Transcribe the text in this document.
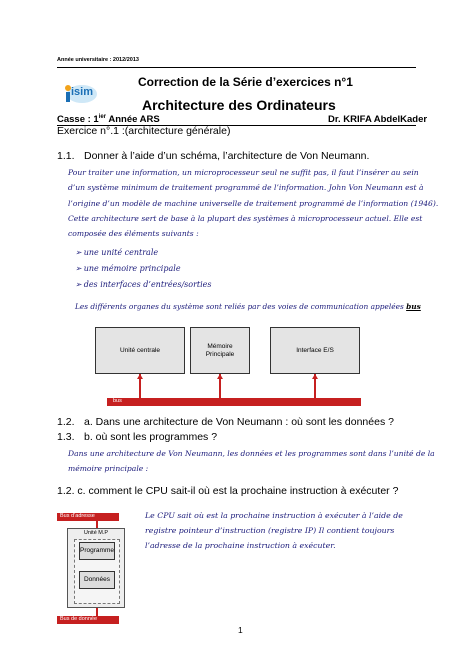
Année universitaire : 2012/2013
isim
Correction de la Série d’exercices n°1
Architecture des Ordinateurs
Casse : $1^{ier}$ Année ARS	Dr. KRIFA AbdelKader
Exercice n°.1 :(architecture générale)
1.1. Donner à l’aide d’un schéma, l’architecture de Von Neumann.
Pour traiter une information, un microprocesseur seul ne suffit pas, il faut l’insérer au sein
d’un système minimum de traitement programmé de l’information. John Von Neumann est à
l’origine d’un modèle de machine universelle de traitement programmé de l’information (1946).
Cette architecture sert de base à la plupart des systèmes à microprocesseur actuel. Elle est
composée des éléments suivants :
➢ une unité centrale
➢ une mémoire principale
➢ des interfaces d’entrées/sorties
Les différents organes du système sont reliés par des voies de communication appelées bus
Unité centrale
Mémoire
Principale
Interface E/S
bus
1.2. a. Dans une architecture de Von Neumann : où sont les données ?
1.3. b. où sont les programmes ?
Dans une architecture de Von Neumann, les données et les programmes sont dans l’unité de la
mémoire principale :
1.2. c. comment le CPU sait-il où est la prochaine instruction à exécuter ?
Bus d’adresse
Unité M.P
Programme
Données
Bus de donnée
Le CPU sait où est la prochaine instruction à exécuter à l’aide de
registre pointeur d’instruction (registre IP) Il contient toujours
l’adresse de la prochaine instruction à exécuter.
1
